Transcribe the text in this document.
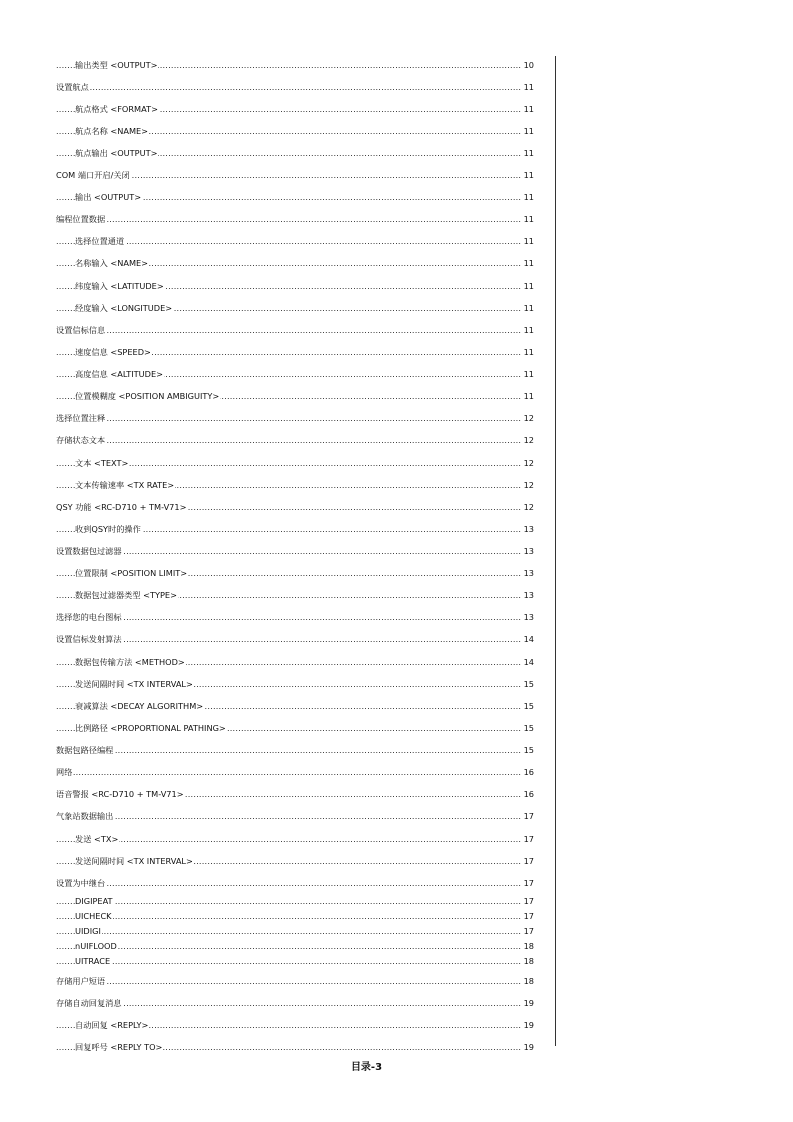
.....
输出类型 <OUTPUT>	10
.....
设置航点	11
.....
航点格式 <FORMAT>	11
.....
航点名称 <NAME>	11
.....
航点输出 <OUTPUT>	11
.....
COM 端口开启/关闭	11
.....
输出 <OUTPUT>	11
.....
编程位置数据	11
.....
选择位置通道	11
.....
名称输入 <NAME>	11
.....
纬度输入 <LATITUDE>	11
.....
经度输入 <LONGITUDE>	11
.....
设置信标信息	11
.....
速度信息 <SPEED>	11
.....
高度信息 <ALTITUDE>	11
.....
位置模糊度 <POSITION AMBIGUITY>	11
.....
选择位置注释	12
.....
存储状态文本	12
.....
文本 <TEXT>	12
.....
文本传输速率 <TX RATE>	12
.....
QSY 功能 <RC-D710 + TM-V71>	12
.....
收到QSY时的操作	13
.....
设置数据包过滤器	13
.....
位置限制 <POSITION LIMIT>	13
.....
数据包过滤器类型 <TYPE>	13
.....
选择您的电台图标	13
.....
设置信标发射算法	14
.....
数据包传输方法 <METHOD>	14
.....
发送间隔时间 <TX INTERVAL>	15
.....
衰减算法 <DECAY ALGORITHM>	15
.....
比例路径 <PROPORTIONAL PATHING>	15
.....
数据包路径编程	15
.....
网络	16
.....
语音警报 <RC-D710 + TM-V71>	16
.....
气象站数据输出	17
.....
发送 <TX>	17
.....
发送间隔时间 <TX INTERVAL>	17
.....
设置为中继台	17
.....
DIGIPEAT	17
.....
UICHECK	17
.....
UIDIGI	17
.....
nUIFLOOD	18
.....
UITRACE	18
.....
存储用户短语	18
.....
存储自动回复消息	19
.....
自动回复 <REPLY>	19
.....
回复呼号 <REPLY TO>	19
目录-3
